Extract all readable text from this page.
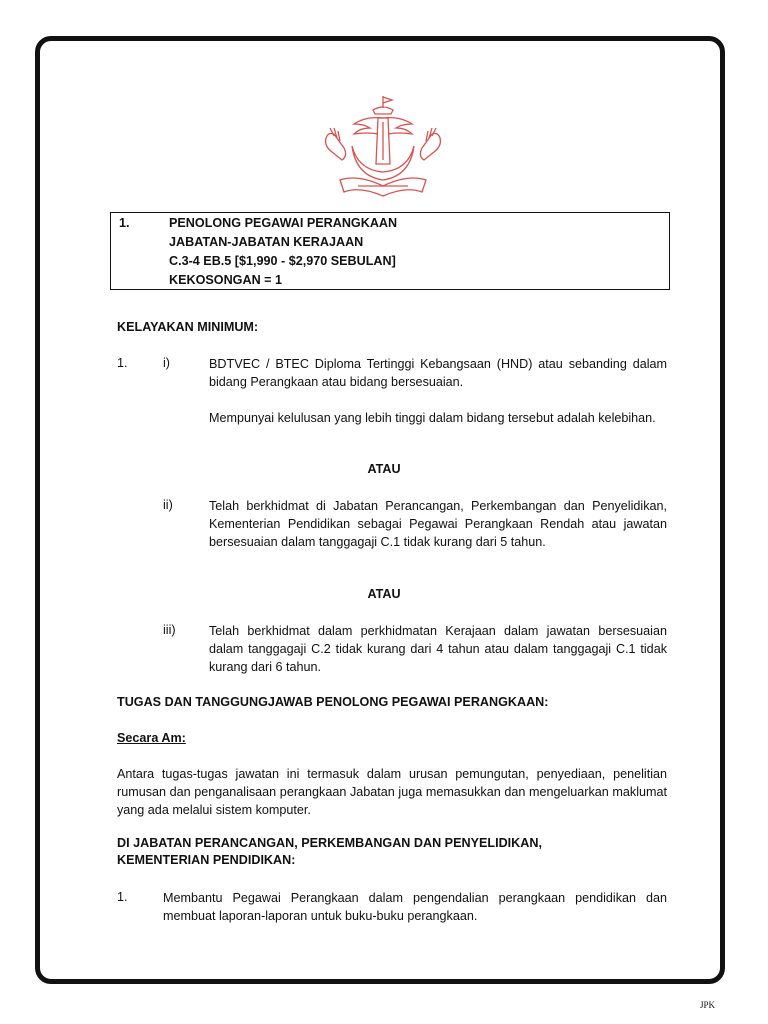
1.	PENOLONG PEGAWAI PERANGKAAN
JABATAN-JABATAN KERAJAAN
C.3-4 EB.5 [$1,990 - $2,970 SEBULAN]
KEKOSONGAN = 1
KELAYAKAN MINIMUM:
1.	i)	BDTVEC / BTEC Diploma Tertinggi Kebangsaan (HND) atau sebanding dalam bidang Perangkaan atau bidang bersesuaian.
Mempunyai kelulusan yang lebih tinggi dalam bidang tersebut adalah kelebihan.
ATAU
ii)	Telah berkhidmat di Jabatan Perancangan, Perkembangan dan Penyelidikan, Kementerian Pendidikan sebagai Pegawai Perangkaan Rendah atau jawatan bersesuaian dalam tanggagaji C.1 tidak kurang dari 5 tahun.
ATAU
iii)	Telah berkhidmat dalam perkhidmatan Kerajaan dalam jawatan bersesuaian dalam tanggagaji C.2 tidak kurang dari 4 tahun atau dalam tanggagaji C.1 tidak kurang dari 6 tahun.
TUGAS DAN TANGGUNGJAWAB PENOLONG PEGAWAI PERANGKAAN:
Secara Am:
Antara tugas-tugas jawatan ini termasuk dalam urusan pemungutan, penyediaan, penelitian rumusan dan penganalisaan perangkaan Jabatan juga memasukkan dan mengeluarkan maklumat yang ada melalui sistem komputer.
DI JABATAN PERANCANGAN, PERKEMBANGAN DAN PENYELIDIKAN,
KEMENTERIAN PENDIDIKAN:
1.	Membantu Pegawai Perangkaan dalam pengendalian perangkaan pendidikan dan membuat laporan-laporan untuk buku-buku perangkaan.
JPK
